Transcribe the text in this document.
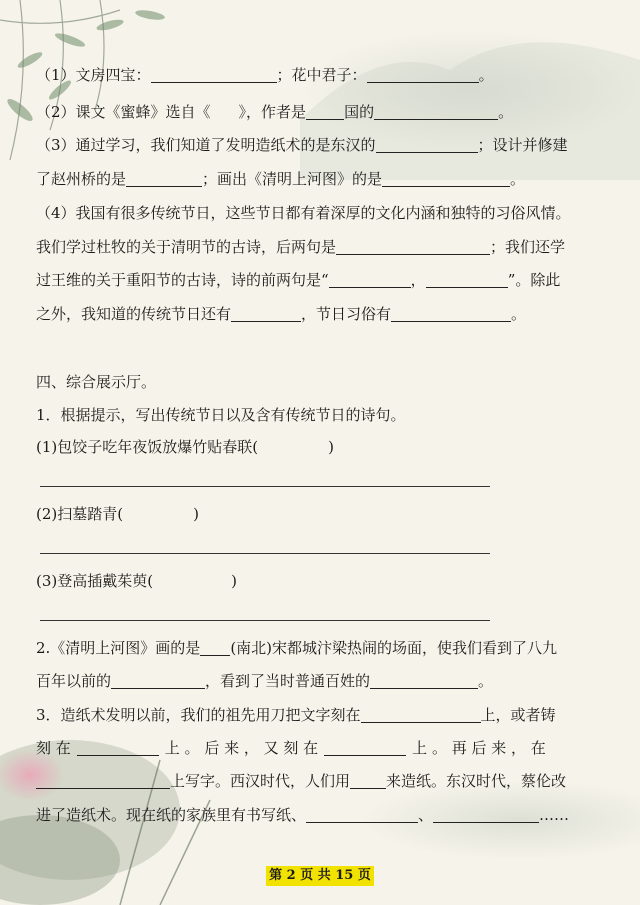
（1）文房四宝：	；花中君子：	。
（2）课文《蜜蜂》选自《 》，作者是	国的	。
（3）通过学习，我们知道了发明造纸术的是东汉的	；设计并修建
了赵州桥的是	；画出《清明上河图》的是	。
（4）我国有很多传统节日，这些节日都有着深厚的文化内涵和独特的习俗风情。
我们学过杜牧的关于清明节的古诗，后两句是	；我们还学
过王维的关于重阳节的古诗，诗的前两句是“	，	”。除此
之外，我知道的传统节日还有	，节日习俗有	。
四、综合展示厅。
1．根据提示，写出传统节日以及含有传统节日的诗句。
(1)包饺子吃年夜饭放爆竹贴春联(	)
(2)扫墓踏青(	)
(3)登高插戴茱萸(	)
2.《清明上河图》画的是 (南北)宋都城汴梁热闹的场面，使我们看到了八九
百年以前的	，看到了当时普通百姓的	。
3．造纸术发明以前，我们的祖先用刀把文字刻在	上，或者铸
刻 在	上 。 后 来 ， 又 刻 在	上 。 再 后 来 ， 在
上写字。西汉时代，人们用 来造纸。东汉时代，蔡伦改
进了造纸术。现在纸的家族里有书写纸、	、	……
第 2 页 共 15 页
